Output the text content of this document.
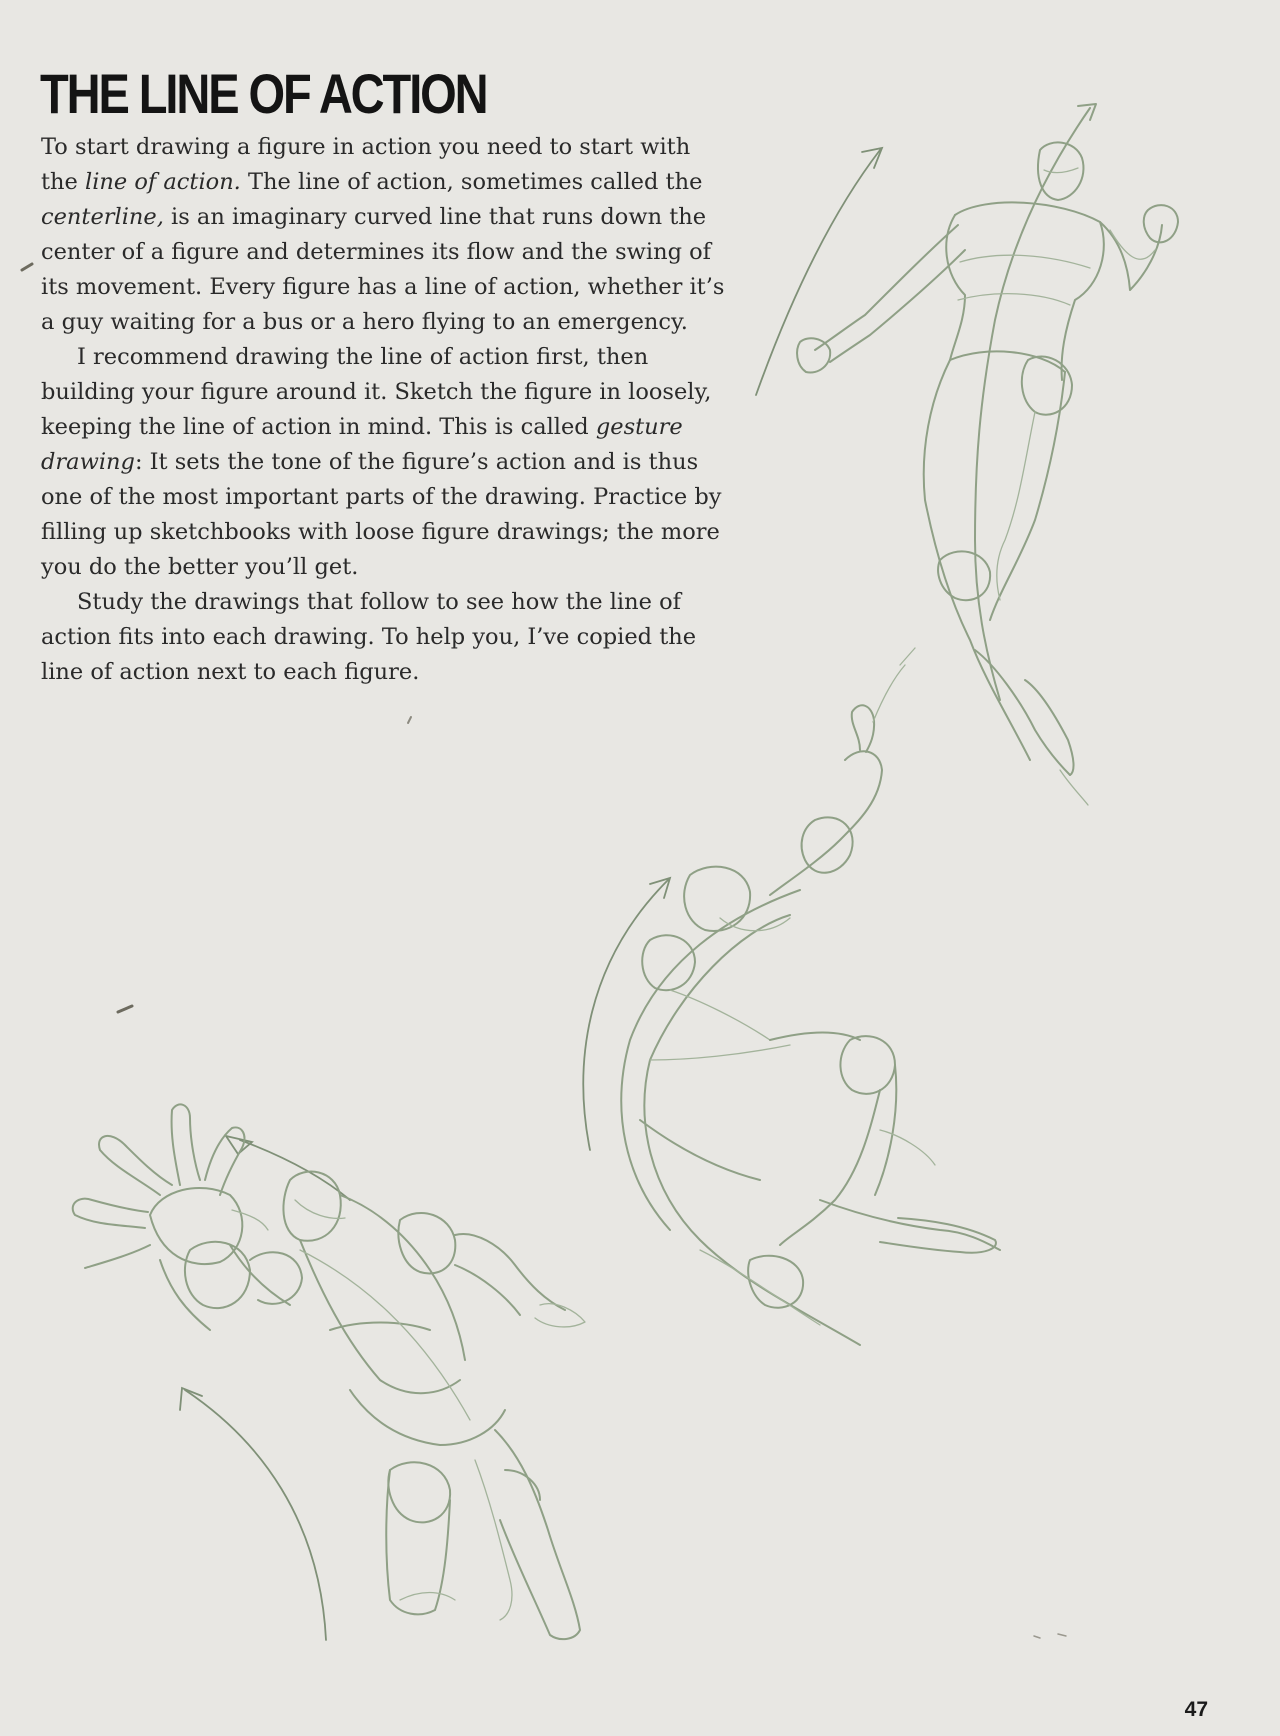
THE LINE OF ACTION

To start drawing a figure in action you need to start with the line of action. The line of action, sometimes called the centerline, is an imaginary curved line that runs down the center of a figure and determines its flow and the swing of its movement. Every figure has a line of action, whether it’s a guy waiting for a bus or a hero flying to an emergency.

I recommend drawing the line of action first, then building your figure around it. Sketch the figure in loosely, keeping the line of action in mind. This is called gesture drawing: It sets the tone of the figure’s action and is thus one of the most important parts of the drawing. Practice by filling up sketchbooks with loose figure drawings; the more you do the better you’ll get.

Study the drawings that follow to see how the line of action fits into each drawing. To help you, I’ve copied the line of action next to each figure.

47
